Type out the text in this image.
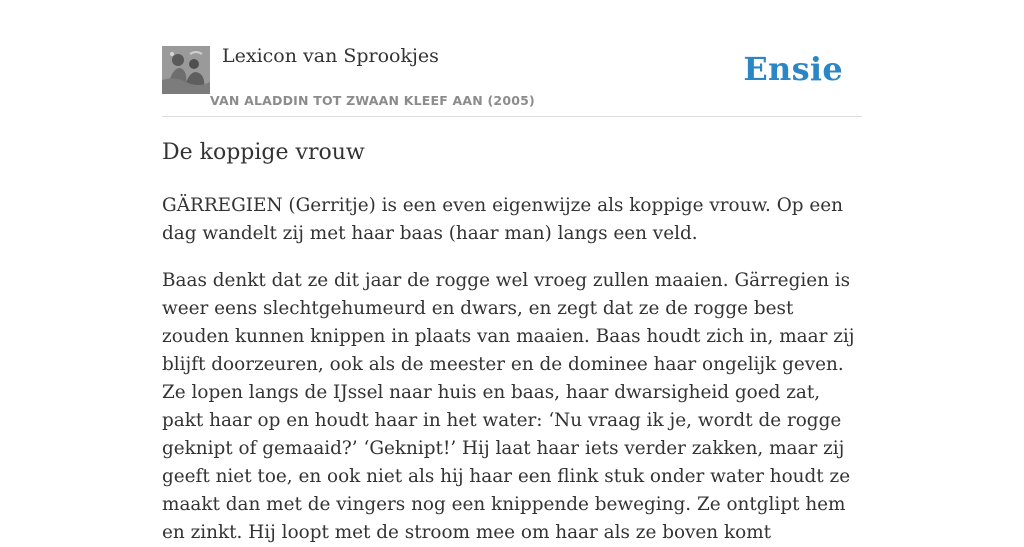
Lexicon van Sprookjes
VAN ALADDIN TOT ZWAAN KLEEF AAN (2005)
Ensie
De koppige vrouw

GÄRREGIEN (Gerritje) is een even eigenwijze als koppige vrouw. Op een dag wandelt zij met haar baas (haar man) langs een veld.

Baas denkt dat ze dit jaar de rogge wel vroeg zullen maaien. Gärregien is weer eens slechtgehumeurd en dwars, en zegt dat ze de rogge best zouden kunnen knippen in plaats van maaien. Baas houdt zich in, maar zij blijft doorzeuren, ook als de meester en de dominee haar ongelijk geven. Ze lopen langs de IJssel naar huis en baas, haar dwarsigheid goed zat, pakt haar op en houdt haar in het water: ‘Nu vraag ik je, wordt de rogge geknipt of gemaaid?’ ‘Geknipt!’ Hij laat haar iets verder zakken, maar zij geeft niet toe, en ook niet als hij haar een flink stuk onder water houdt ze maakt dan met de vingers nog een knippende beweging. Ze ontglipt hem en zinkt. Hij loopt met de stroom mee om haar als ze boven komt
